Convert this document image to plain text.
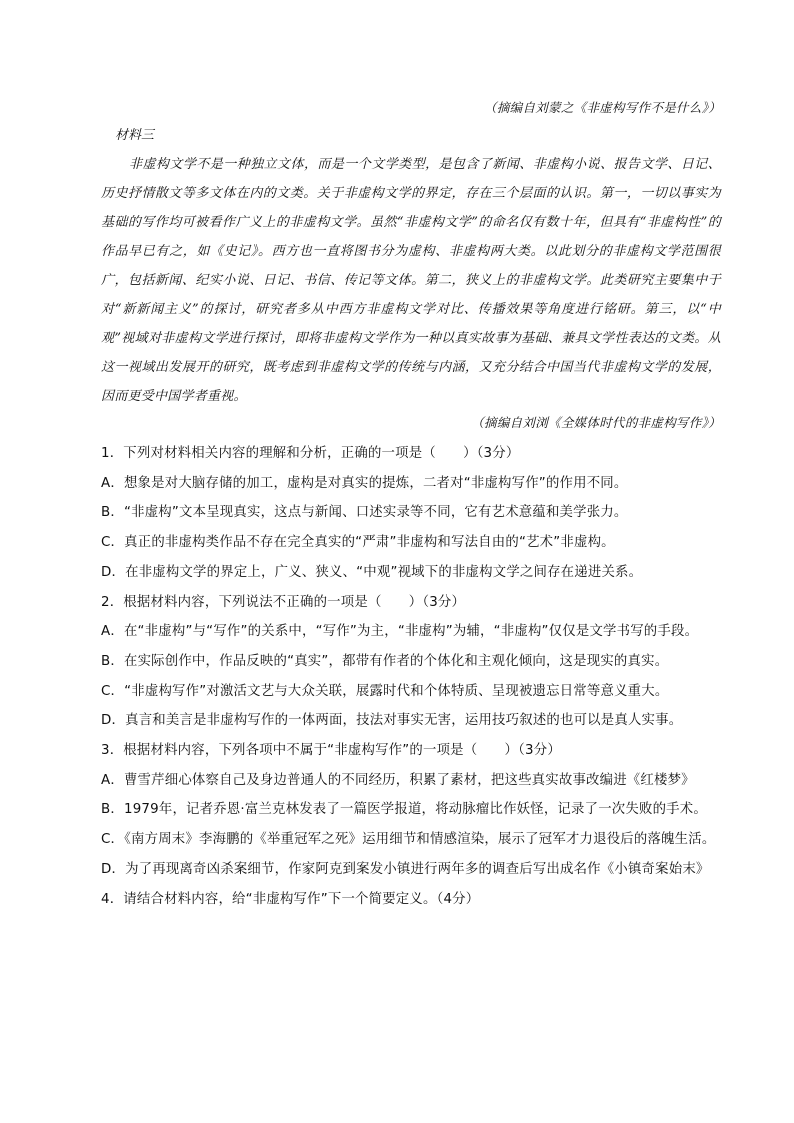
（摘编自刘蒙之《非虚构写作不是什么》）
材料三
非虚构文学不是一种独立文体，而是一个文学类型，是包含了新闻、非虚构小说、报告文学、日记、历史抒情散文等多文体在内的文类。关于非虚构文学的界定，存在三个层面的认识。第一，一切以事实为基础的写作均可被看作广义上的非虚构文学。虽然“非虚构文学”的命名仅有数十年，但具有“非虚构性”的作品早已有之，如《史记》。西方也一直将图书分为虚构、非虚构两大类。以此划分的非虚构文学范围很广，包括新闻、纪实小说、日记、书信、传记等文体。第二，狭义上的非虚构文学。此类研究主要集中于对“新新闻主义”的探讨，研究者多从中西方非虚构文学对比、传播效果等角度进行铭研。第三，以“中观”视域对非虚构文学进行探讨，即将非虚构文学作为一种以真实故事为基础、兼具文学性表达的文类。从这一视域出发展开的研究，既考虑到非虚构文学的传统与内涵，又充分结合中国当代非虚构文学的发展，因而更受中国学者重视。
（摘编自刘浏《全媒体时代的非虚构写作》）
1．下列对材料相关内容的理解和分析，正确的一项是（　　）（3分）
A．想象是对大脑存储的加工，虚构是对真实的提炼，二者对“非虚构写作”的作用不同。
B．“非虚构”文本呈现真实，这点与新闻、口述实录等不同，它有艺术意蕴和美学张力。
C．真正的非虚构类作品不存在完全真实的“严肃”非虚构和写法自由的“艺术”非虚构。
D．在非虚构文学的界定上，广义、狭义、“中观”视域下的非虚构文学之间存在递进关系。
2．根据材料内容，下列说法不正确的一项是（　　）（3分）
A．在“非虚构”与“写作”的关系中，“写作”为主，“非虚构”为辅，“非虚构”仅仅是文学书写的手段。
B．在实际创作中，作品反映的“真实”，都带有作者的个体化和主观化倾向，这是现实的真实。
C．“非虚构写作”对激活文艺与大众关联，展露时代和个体特质、呈现被遗忘日常等意义重大。
D．真言和美言是非虚构写作的一体两面，技法对事实无害，运用技巧叙述的也可以是真人实事。
3．根据材料内容，下列各项中不属于“非虚构写作”的一项是（　　）（3分）
A．曹雪芹细心体察自己及身边普通人的不同经历，积累了素材，把这些真实故事改编进《红楼梦》
B．1979年，记者乔恩·富兰克林发表了一篇医学报道，将动脉瘤比作妖怪，记录了一次失败的手术。
C．《南方周末》李海鹏的《举重冠军之死》运用细节和情感渲染，展示了冠军才力退役后的落魄生活。
D．为了再现离奇凶杀案细节，作家阿克到案发小镇进行两年多的调查后写出成名作《小镇奇案始末》
4．请结合材料内容，给“非虚构写作”下一个简要定义。（4分）
